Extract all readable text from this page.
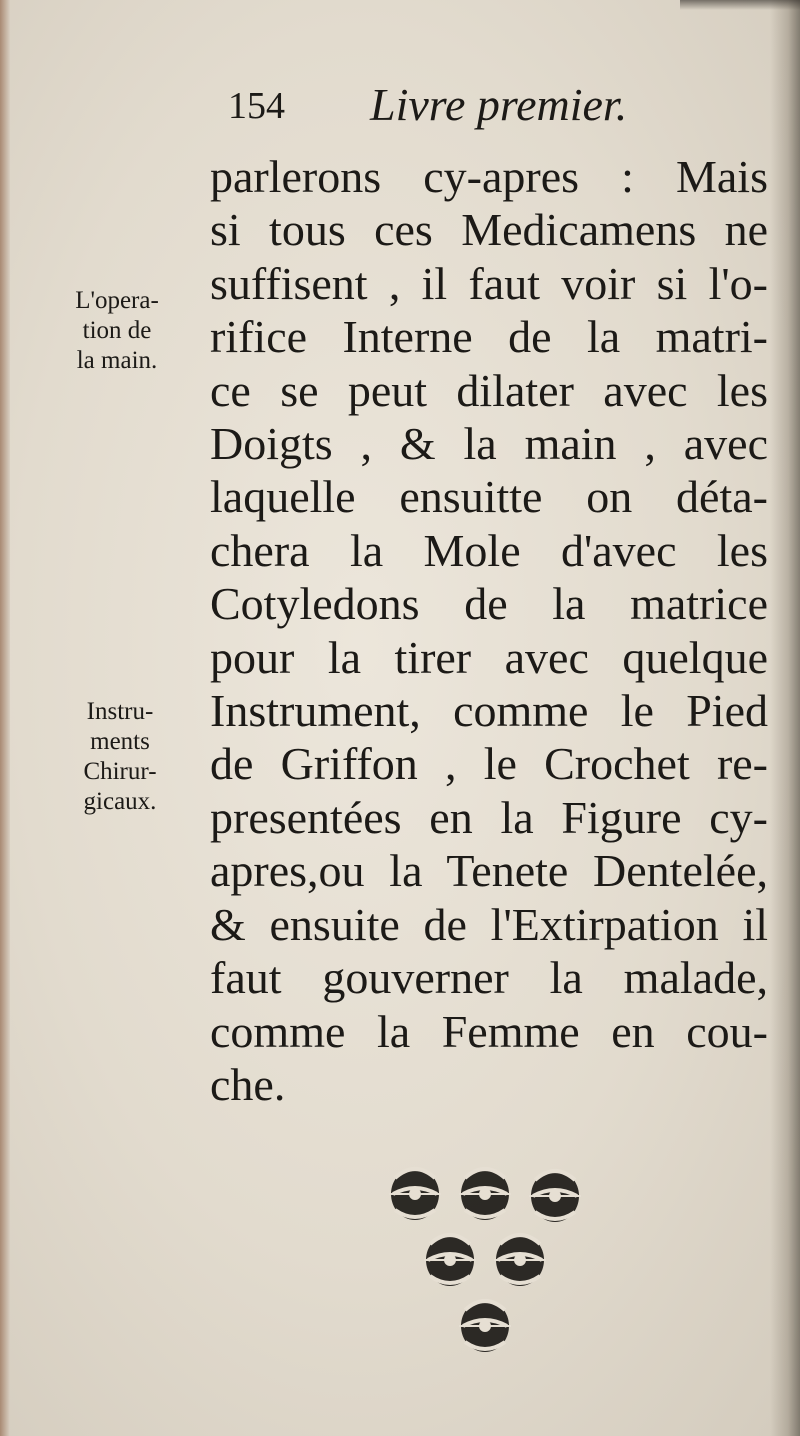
154 Livre premier.
L'opera-
tion de
la main.
Instru-
ments
Chirur-
gicaux.
parlerons cy-apres : Mais
si tous ces Medicamens ne
suffisent , il faut voir si l'o-
rifice Interne de la matri-
ce se peut dilater avec les
Doigts , & la main , avec
laquelle ensuitte on déta-
chera la Mole d'avec les
Cotyledons de la matrice
pour la tirer avec quelque
Instrument, comme le Pied
de Griffon , le Crochet re-
presentées en la Figure cy-
apres,ou la Tenete Dentelée,
& ensuite de l'Extirpation il
faut gouverner la malade,
comme la Femme en cou-
che.
